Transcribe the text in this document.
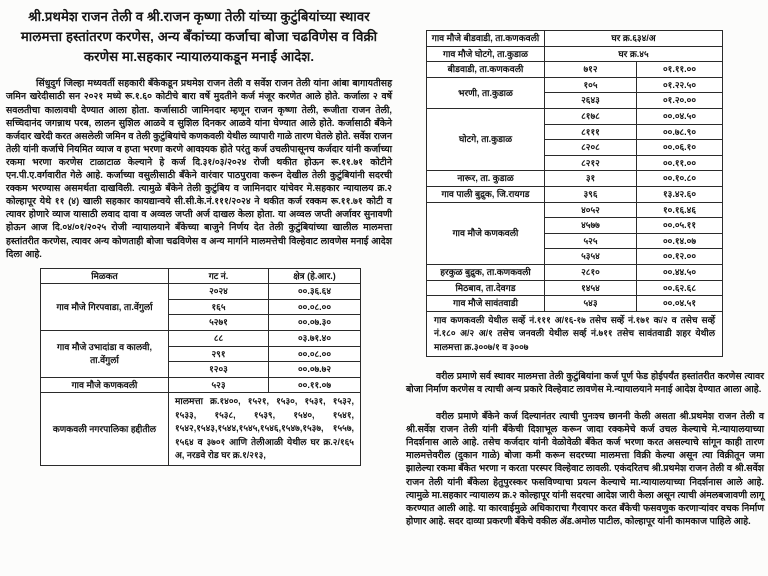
श्री.प्रथमेश राजन तेली व श्री.राजन कृष्णा तेली यांच्या कुटुंबियांच्या स्थावर मालमत्ता हस्तांतरण करणेस, अन्य बँकांच्या कर्जाचा बोजा चढविणेस व विक्री करणेस मा.सहकार न्यायालयाकडून मनाई आदेश.

सिंधुदुर्ग जिल्हा मध्यवर्ती सहकारी बँकेकडून प्रथमेश राजन तेली व सर्वेश राजन तेली यांना आंबा बागायतीसह जमिन खरेदीसाठी सन २०२१ मध्ये रू.१.६० कोटीचे बारा वर्षे मुदतीने कर्ज मंजूर करणेत आले होते. कर्जाला २ वर्षे सवलतीचा कालावधी देण्यात आला होता. कर्जासाठी जामिनदार म्हणून राजन कृष्णा तेली, रूजीता राजन तेली, सच्चिदानंद जगन्नाथ परब, लालन सुशिल आळवे व सुशिल दिनकर आळवे यांना घेण्यात आले होते. कर्जासाठी बँकेने कर्जदार खरेदी करत असलेली जमिन व तेली कुटुंबियांचे कणकवली येथील व्यापारी गाळे तारण घेतले होते. सर्वेश राजन तेली यांनी कर्जाचे नियमित व्याज व हप्ता भरणा करणे आवश्यक होते परंतु कर्ज उचलीपासूनच कर्जदार यांनी कर्जाच्या रकमा भरणा करणेस टाळाटाळ केल्याने हे कर्ज दि.३१/०३/२०२४ रोजी थकीत होऊन रू.११.७१ कोटीने एन.पी.ए.वर्गवारीत गेले आहे. कर्जाच्या वसुलीसाठी बँकेने वारंवार पाठपुरावा करून देखील तेली कुटुंबियांनी सदरची रक्कम भरण्यास असमर्थता दाखविली. त्यामुळे बँकेने तेली कुटुंबिय व जामिनदार यांचेवर मे.सहकार न्यायालय क्र.२ कोल्हापूर येथे ११ (४) खाली सहकार कायद्यान्वये सी.सी.के.नं.१११/२०२४ ने थकीत कर्ज रक्कम रू.११.७१ कोटी व त्यावर होणारे व्याज यासाठी लवाद दावा व अव्वल जप्ती अर्ज दाखल केला होता. या अव्वल जप्ती अर्जावर सुनावणी होऊन आज दि.०४/०१/२०२५ रोजी न्यायालयाने बँकेच्या बाजुने निर्णय देत तेली कुटुंबियांच्या खालील मालमत्ता हस्तांतरीत करणेस, त्यावर अन्य कोणताही बोजा चढविणेस व अन्य मार्गाने मालमत्तेची विल्हेवाट लावणेस मनाई आदेश दिला आहे.

मिळकत	गट नं.	क्षेत्र (हे.आर.)
गाव मौजे गिरपवाडा, ता.वेंगुर्ला	२०२४	००.३६.६४
	१६५	००.०८.००
	५२७१	००.०७.३०
गाव मौजे उभादांडा व कालवी, ता.वेंगुर्ला	८८	०३.७१.४०
	२९१	००.०८.००
	१२०३	००.०७.७२
गाव मौजे कणकवली	५२३	००.११.०७
कणकवली नगरपालिका हद्दीतील	मालमत्ता क्र.१४००, १५२१, १५३०, १५३१, १५३२, १५३३, १५३८, १५३९, १५४०, १५४१, १५४२,१५४३,१५४४,१५४५,१५४६,१५४७,१५३७, १५५७, १५६४ व ३७०१ आणि तेलीआळी येथील घर क्र.२/१६५ अ, नरडवे रोड घर क्र.१/२१३,	
गाव मौजे बीडवाडी, ता.कणकवली	घर क्र.६३४/अ	
गाव मौजे घोटगे, ता.कुडाळ	घर क्र.४५	
बीडवाडी, ता.कणकवली	७१२	०१.११.००
भरणी, ता.कुडाळ	१०५	०१.२२.५०
	२६४३	०१.२०.००
घोटगे, ता.कुडाळ	८१७८	००.०४.५०
	८१११	००.७८.९०
	८२०८	००.०६.१०
	८२१२	००.११.००
नारूर, ता. कुडाळ	३१	००.१०.८०
गाव पाली बुद्रुक, जि.रायगड	३९६	१३.४२.६०
गाव मौजे कणकवली	४०५२	१०.१६.४६
	४५७७	००.०५.११
	५२५	००.१४.०७
	५३५४	००.१२.००
हरकुळ बुद्रुक, ता.कणकवली	२८१०	००.४४.५०
मिठबाव, ता.देवगड	१४५४	००.६२.६८
गाव मौजे सावंतवाडी	५४३	००.०४.५१
गाव कणकवली येथील सर्व्हे नं.१११ अ/१६-१७ तसेच सर्व्हे नं.१७१ क/२ व तसेच सर्व्हे नं.१८० अ/२ अ/१ तसेच जनवली येथील सर्व्ह नं.७११ तसेच सावंतवाडी शहर येथील मालमत्ता क्र.३००७/१ व ३००७		

वरील प्रमाणे सर्व स्थावर मालमत्ता तेली कुटुंबियांना कर्ज पूर्ण फेड होईपर्यंत हस्तांतरीत करणेस त्यावर बोजा निर्माण करणेस व त्याची अन्य प्रकारे विल्हेवाट लावणेस मे.न्यायालयाने मनाई आदेश देण्यात आला आहे.

वरील प्रमाणे बँकेने कर्ज दिल्यानंतर त्याची पुनःश्च छाननी केली असता श्री.प्रथमेश राजन तेली व श्री.सर्वेश राजन तेली यांनी बँकेची दिशाभूल करून जादा रक्कमेचे कर्ज उचल केल्याचे मे.न्यायालयाच्या निदर्शनास आले आहे. तसेच कर्जदार यांनी वेळोवेळी बँकेत कर्ज भरणा करत असल्याचे सांगून काही तारण मालमत्तेवरील (दुकान गाळे) बोजा कमी करून सदरच्या मालमत्ता विक्री केल्या असून त्या विक्रीतून जमा झालेल्या रकमा बँकेत भरणा न करता परस्पर विल्हेवाट लावली. एकंदरितच श्री.प्रथमेश राजन तेली व श्री.सर्वेश राजन तेली यांनी बँकेला हेतुपुरस्कर फसविण्याचा प्रयत्न केल्याचे मा.न्यायालयाच्या निदर्शनास आले आहे. त्यामुळे मा.सहकार न्यायालय क्र.२ कोल्हापूर यांनी सदरचा आदेश जारी केला असून त्याची अंमलबजावणी लागू करण्यात आली आहे. या कारवाईमुळे अधिकाराचा गैरवापर करत बँकेची फसवणुक करणाऱ्यांवर वचक निर्माण होणार आहे. सदर दाव्या प्रकरणी बँकेचे वकील ॲड.अमोल पाटील, कोल्हापूर यांनी कामकाज पाहिले आहे.
